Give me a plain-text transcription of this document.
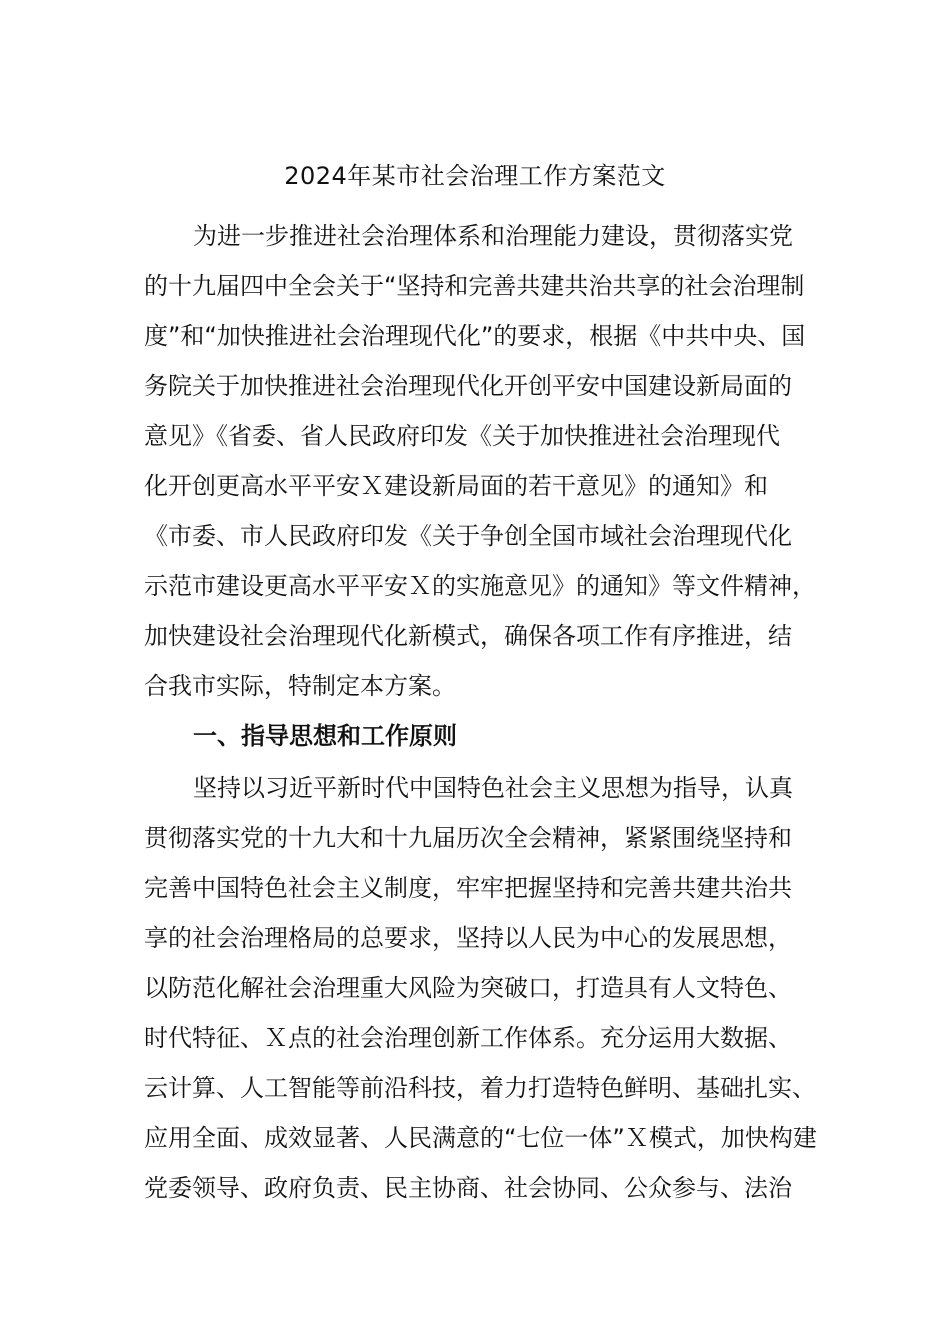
2024年某市社会治理工作方案范文

为进一步推进社会治理体系和治理能力建设，贯彻落实党

的十九届四中全会关于“坚持和完善共建共治共享的社会治理制

度”和“加快推进社会治理现代化”的要求，根据《中共中央、国

务院关于加快推进社会治理现代化开创平安中国建设新局面的

意见》《省委、省人民政府印发《关于加快推进社会治理现代

化开创更高水平平安Ｘ建设新局面的若干意见》的通知》和

《市委、市人民政府印发《关于争创全国市域社会治理现代化

示范市建设更高水平平安Ｘ的实施意见》的通知》等文件精神，

加快建设社会治理现代化新模式，确保各项工作有序推进，结

合我市实际，特制定本方案。

一、指导思想和工作原则

坚持以习近平新时代中国特色社会主义思想为指导，认真

贯彻落实党的十九大和十九届历次全会精神，紧紧围绕坚持和

完善中国特色社会主义制度，牢牢把握坚持和完善共建共治共

享的社会治理格局的总要求，坚持以人民为中心的发展思想，

以防范化解社会治理重大风险为突破口，打造具有人文特色、

时代特征、Ｘ点的社会治理创新工作体系。充分运用大数据、

云计算、人工智能等前沿科技，着力打造特色鲜明、基础扎实、

应用全面、成效显著、人民满意的“七位一体”Ｘ模式，加快构建

党委领导、政府负责、民主协商、社会协同、公众参与、法治
